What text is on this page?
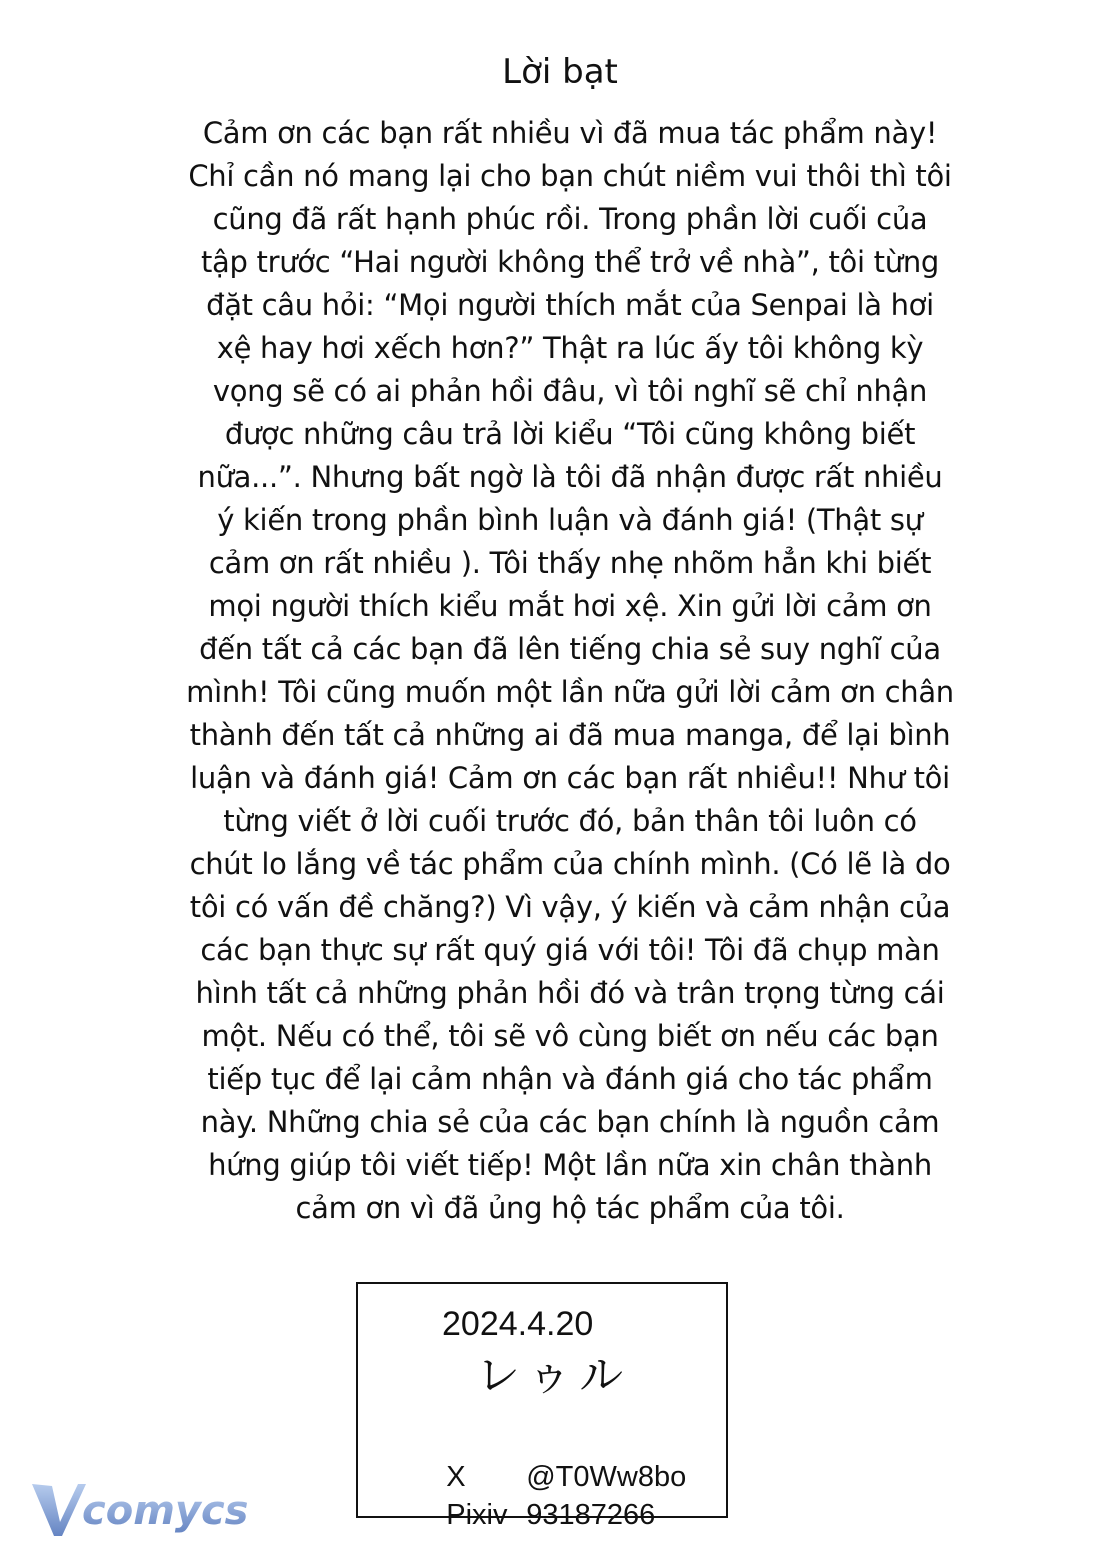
Lời bạt
Cảm ơn các bạn rất nhiều vì đã mua tác phẩm này!
Chỉ cần nó mang lại cho bạn chút niềm vui thôi thì tôi
cũng đã rất hạnh phúc rồi. Trong phần lời cuối của
tập trước “Hai người không thể trở về nhà”, tôi từng
đặt câu hỏi: “Mọi người thích mắt của Senpai là hơi
xệ hay hơi xếch hơn?” Thật ra lúc ấy tôi không kỳ
vọng sẽ có ai phản hồi đâu, vì tôi nghĩ sẽ chỉ nhận
được những câu trả lời kiểu “Tôi cũng không biết
nữa...”. Nhưng bất ngờ là tôi đã nhận được rất nhiều
ý kiến trong phần bình luận và đánh giá! (Thật sự
cảm ơn rất nhiều ). Tôi thấy nhẹ nhõm hẳn khi biết
mọi người thích kiểu mắt hơi xệ. Xin gửi lời cảm ơn
đến tất cả các bạn đã lên tiếng chia sẻ suy nghĩ của
mình! Tôi cũng muốn một lần nữa gửi lời cảm ơn chân
thành đến tất cả những ai đã mua manga, để lại bình
luận và đánh giá! Cảm ơn các bạn rất nhiều!! Như tôi
từng viết ở lời cuối trước đó, bản thân tôi luôn có
chút lo lắng về tác phẩm của chính mình. (Có lẽ là do
tôi có vấn đề chăng?) Vì vậy, ý kiến và cảm nhận của
các bạn thực sự rất quý giá với tôi! Tôi đã chụp màn
hình tất cả những phản hồi đó và trân trọng từng cái
một. Nếu có thể, tôi sẽ vô cùng biết ơn nếu các bạn
tiếp tục để lại cảm nhận và đánh giá cho tác phẩm
này. Những chia sẻ của các bạn chính là nguồn cảm
hứng giúp tôi viết tiếp! Một lần nữa xin chân thành
cảm ơn vì đã ủng hộ tác phẩm của tôi.
2024.4.20
レゥル

X @T0Ww8bo

Pixiv 93187266

comycs
